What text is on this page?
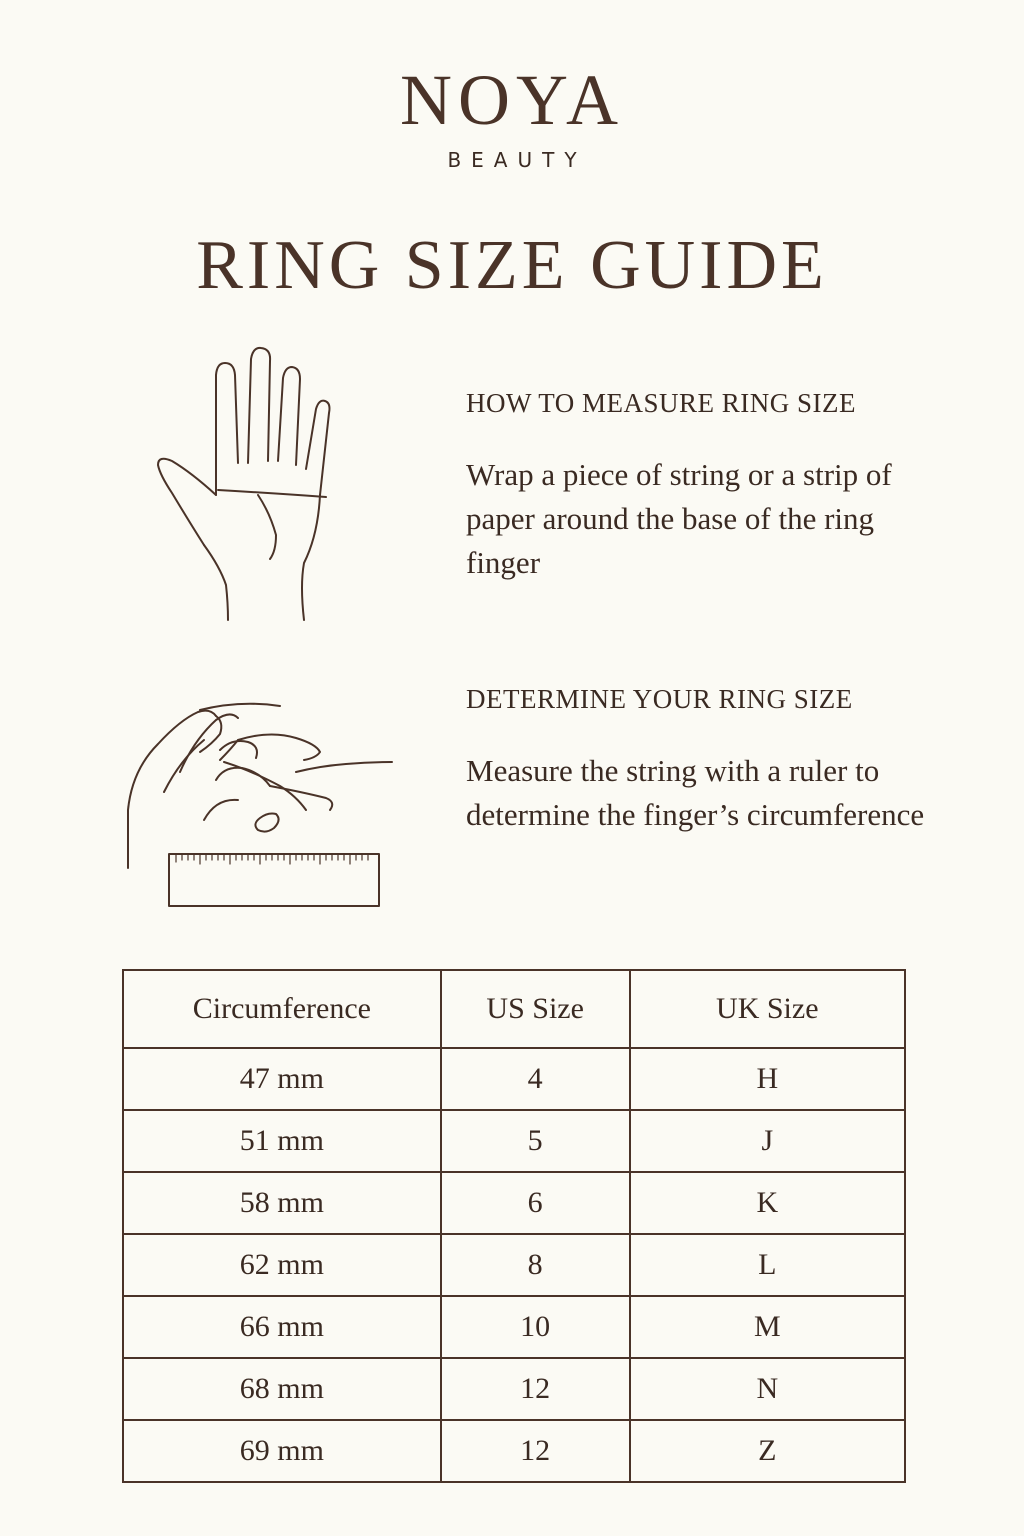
NOYA
BEAUTY
RING SIZE GUIDE
HOW TO MEASURE RING SIZE
Wrap a piece of string or a strip of paper around the base of the ring finger
DETERMINE YOUR RING SIZE
Measure the string with a ruler to determine the finger’s circumference
Circumference	US Size	UK Size
47 mm	4	H
51 mm	5	J
58 mm	6	K
62 mm	8	L
66 mm	10	M
68 mm	12	N
69 mm	12	Z
